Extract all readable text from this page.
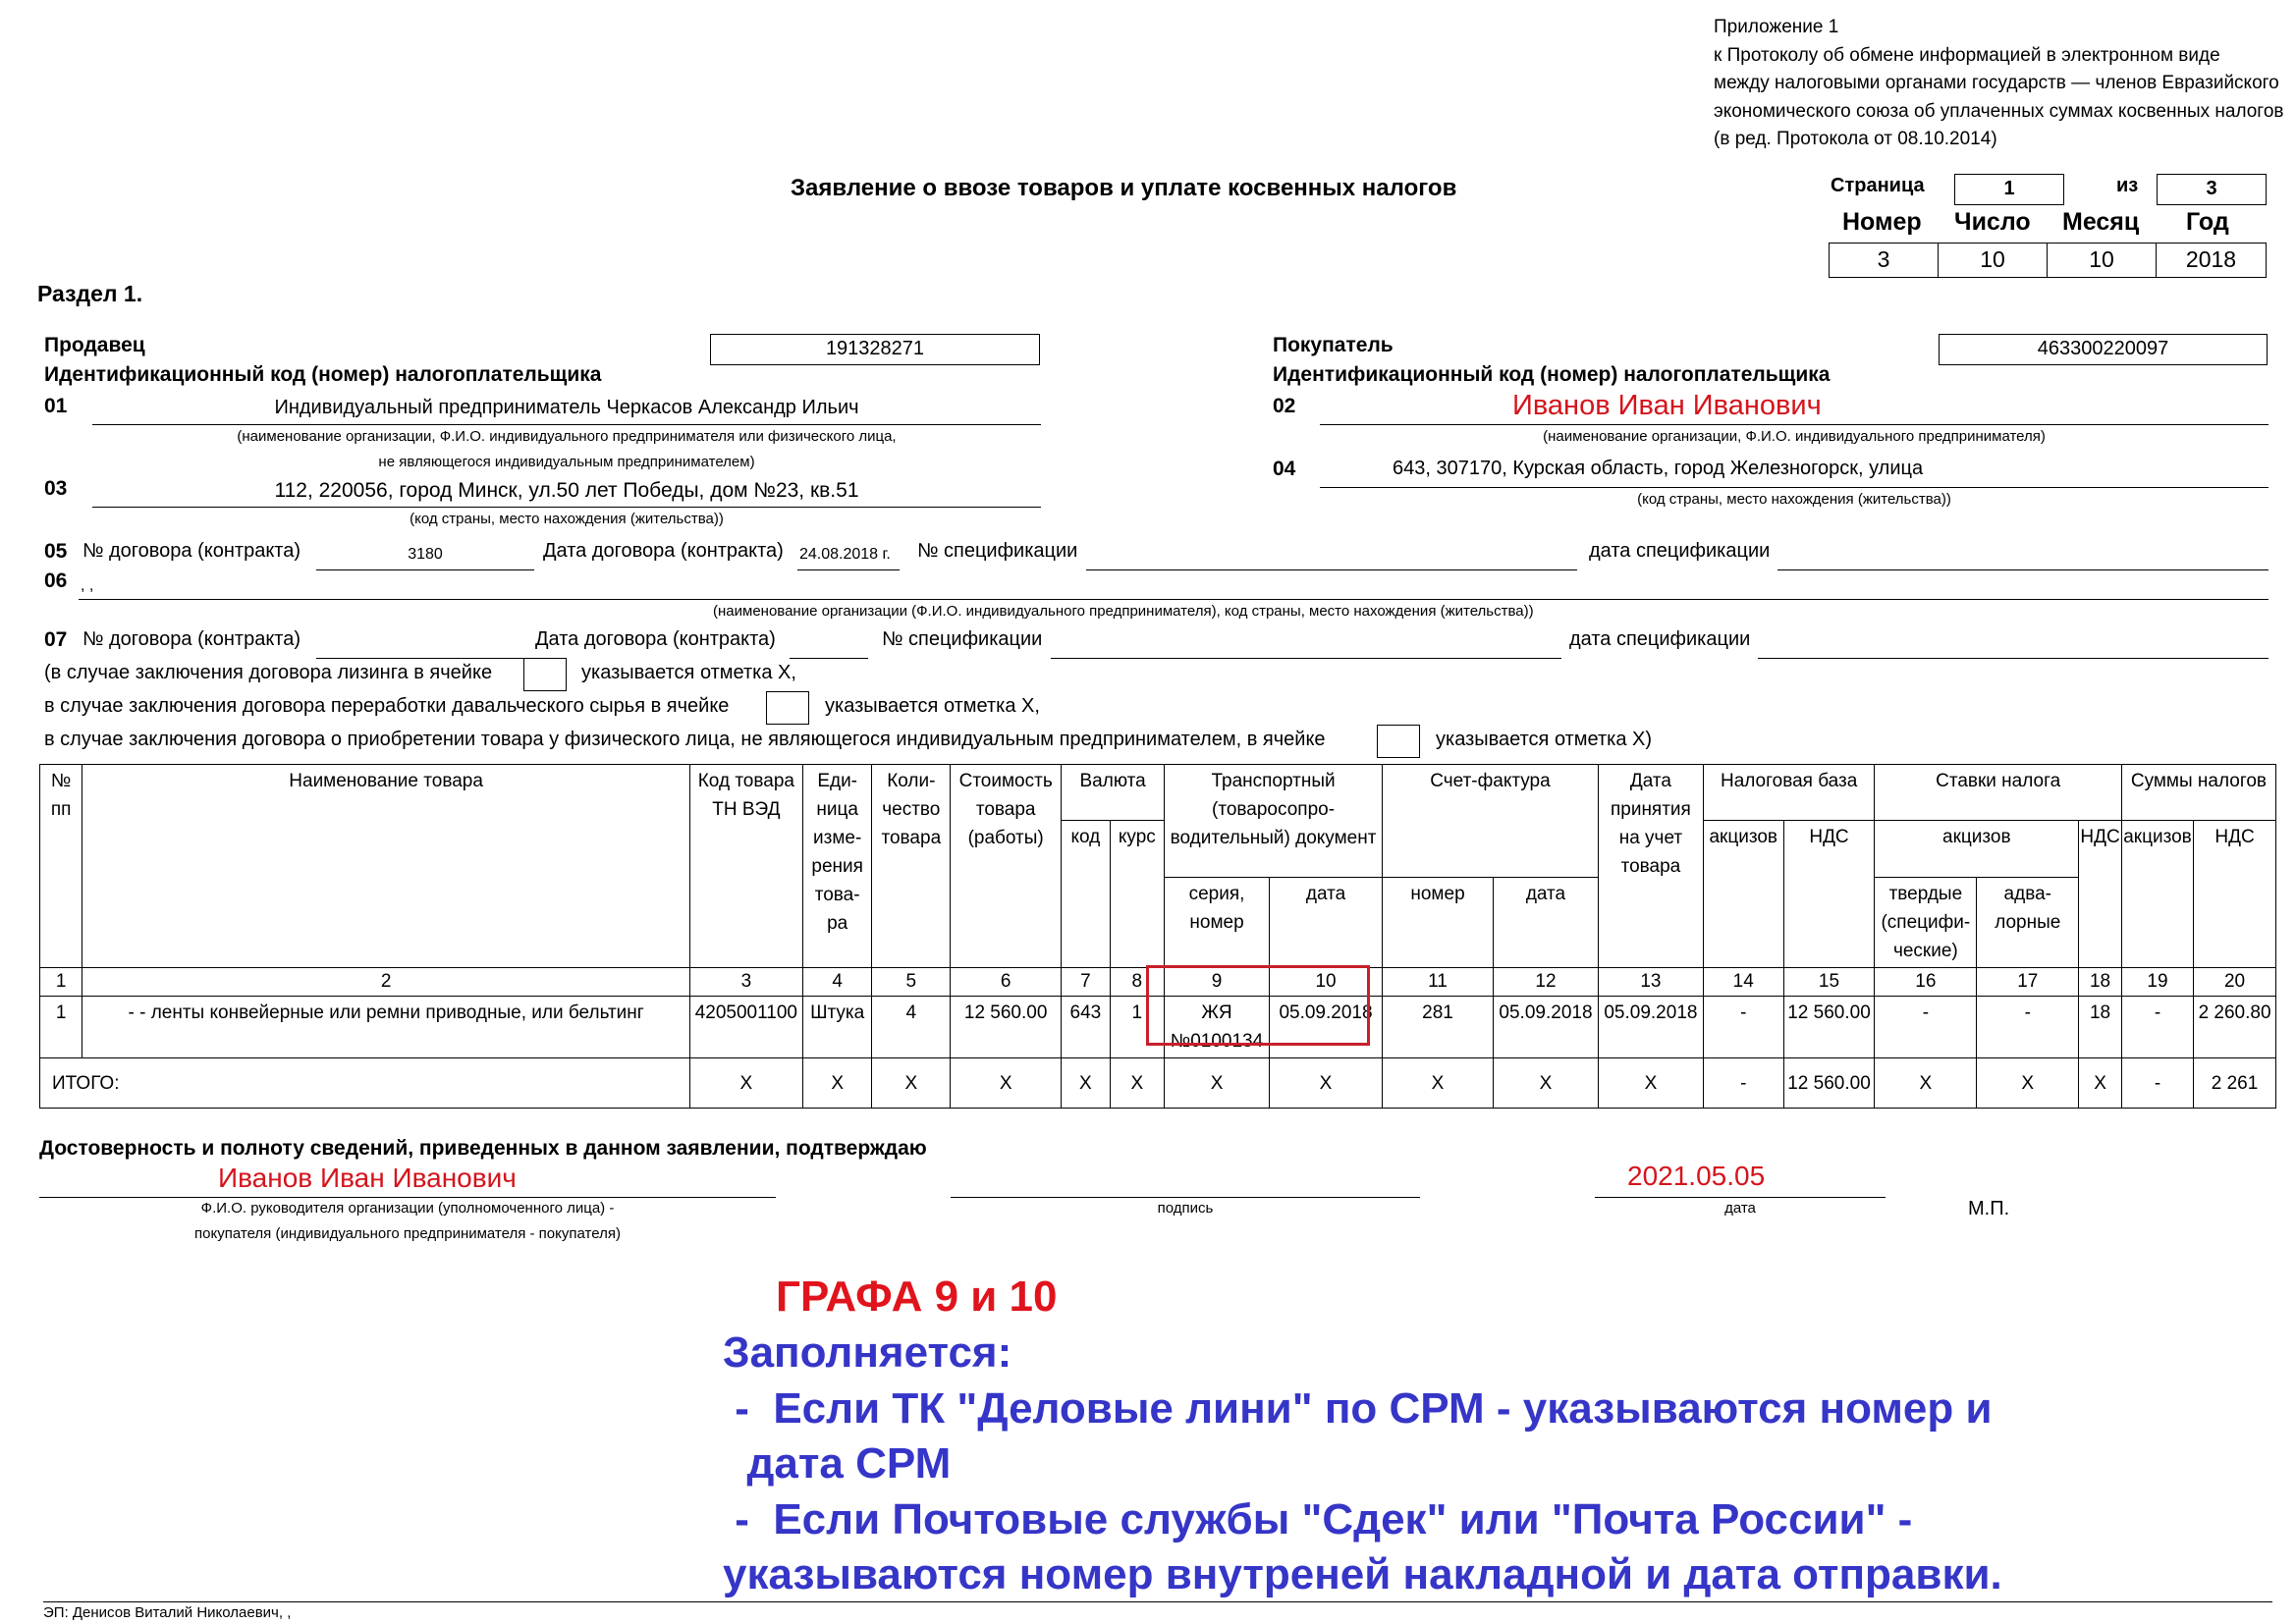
Приложение 1
к Протоколу об обмене информацией в электронном виде
между налоговыми органами государств — членов Евразийского
экономического союза об уплаченных суммах косвенных налогов
(в ред. Протокола от 08.10.2014)
Заявление о ввозе товаров и уплате косвенных налогов	Страница	1	из	3
Номер Число Месяц Год
3	10	10	2018
Раздел 1.
Продавец	191328271
Идентификационный код (номер) налогоплательщика
01	Индивидуальный предприниматель Черкасов Александр Ильич
(наименование организации, Ф.И.О. индивидуального предпринимателя или физического лица,
не являющегося индивидуальным предпринимателем)
03	112, 220056, город Минск, ул.50 лет Победы, дом №23, кв.51
(код страны, место нахождения (жительства))
Покупатель	463300220097
Идентификационный код (номер) налогоплательщика
02	Иванов Иван Иванович
(наименование организации, Ф.И.О. индивидуального предпринимателя)
04	643, 307170, Курская область, город Железногорск, улица
(код страны, место нахождения (жительства))
05 № договора (контракта)	3180	Дата договора (контракта) 24.08.2018 г. № спецификации	дата спецификации
06 , ,
(наименование организации (Ф.И.О. индивидуального предпринимателя), код страны, место нахождения (жительства))
07 № договора (контракта)	Дата договора (контракта)	№ спецификации	дата спецификации
(в случае заключения договора лизинга в ячейке	указывается отметка X,
в случае заключения договора переработки давальческого сырья в ячейке	указывается отметка X,
в случае заключения договора о приобретении товара у физического лица, не являющегося индивидуальным предпринимателем, в ячейке	указывается отметка X)
№ пп	Наименование товара	Код товара ТН ВЭД	Еди- ница изме- рения това- ра	Коли- чество товара	Стоимость товара (работы)	Валюта		Транспортный (товаросопро- водительный) документ		Счет-фактура		Дата принятия на учет товара	Налоговая база		Ставки налога			Суммы налогов	
						код	курс						акцизов	НДС	акцизов		НДС	акцизов	НДС
								серия, номер	дата	номер	дата				твердые (специфи- ческие)	адва- лорные			

1	2	3	4	5	6	7	8	9	10	11	12	13	14	15	16	17	18	19	20
1	- - ленты конвейерные или ремни приводные, или бельтинг	4205001100	Штука	4	12 560.00	643	1	ЖЯ №0100134	05.09.2018	281	05.09.2018	05.09.2018	-	12 560.00	-	-	18	-	2 260.80
ИТОГО:		X	X	X	X	X	X	X	X	X	X	X	-	12 560.00	X	X	X	-	2 261
Достоверность и полноту сведений, приведенных в данном заявлении, подтверждаю
Иванов Иван Иванович
Ф.И.О. руководителя организации (уполномоченного лица) -
покупателя (индивидуального предпринимателя - покупателя)
подпись
2021.05.05
дата	М.П.
ГРАФА 9 и 10
Заполняется:
-  Если ТК "Деловые лини" по СРМ - указываются номер и
дата СРМ
-  Если Почтовые службы "Сдек" или "Почта России" -
указываются номер внутреней накладной и дата отправки.
ЭП: Денисов Виталий Николаевич, ,
